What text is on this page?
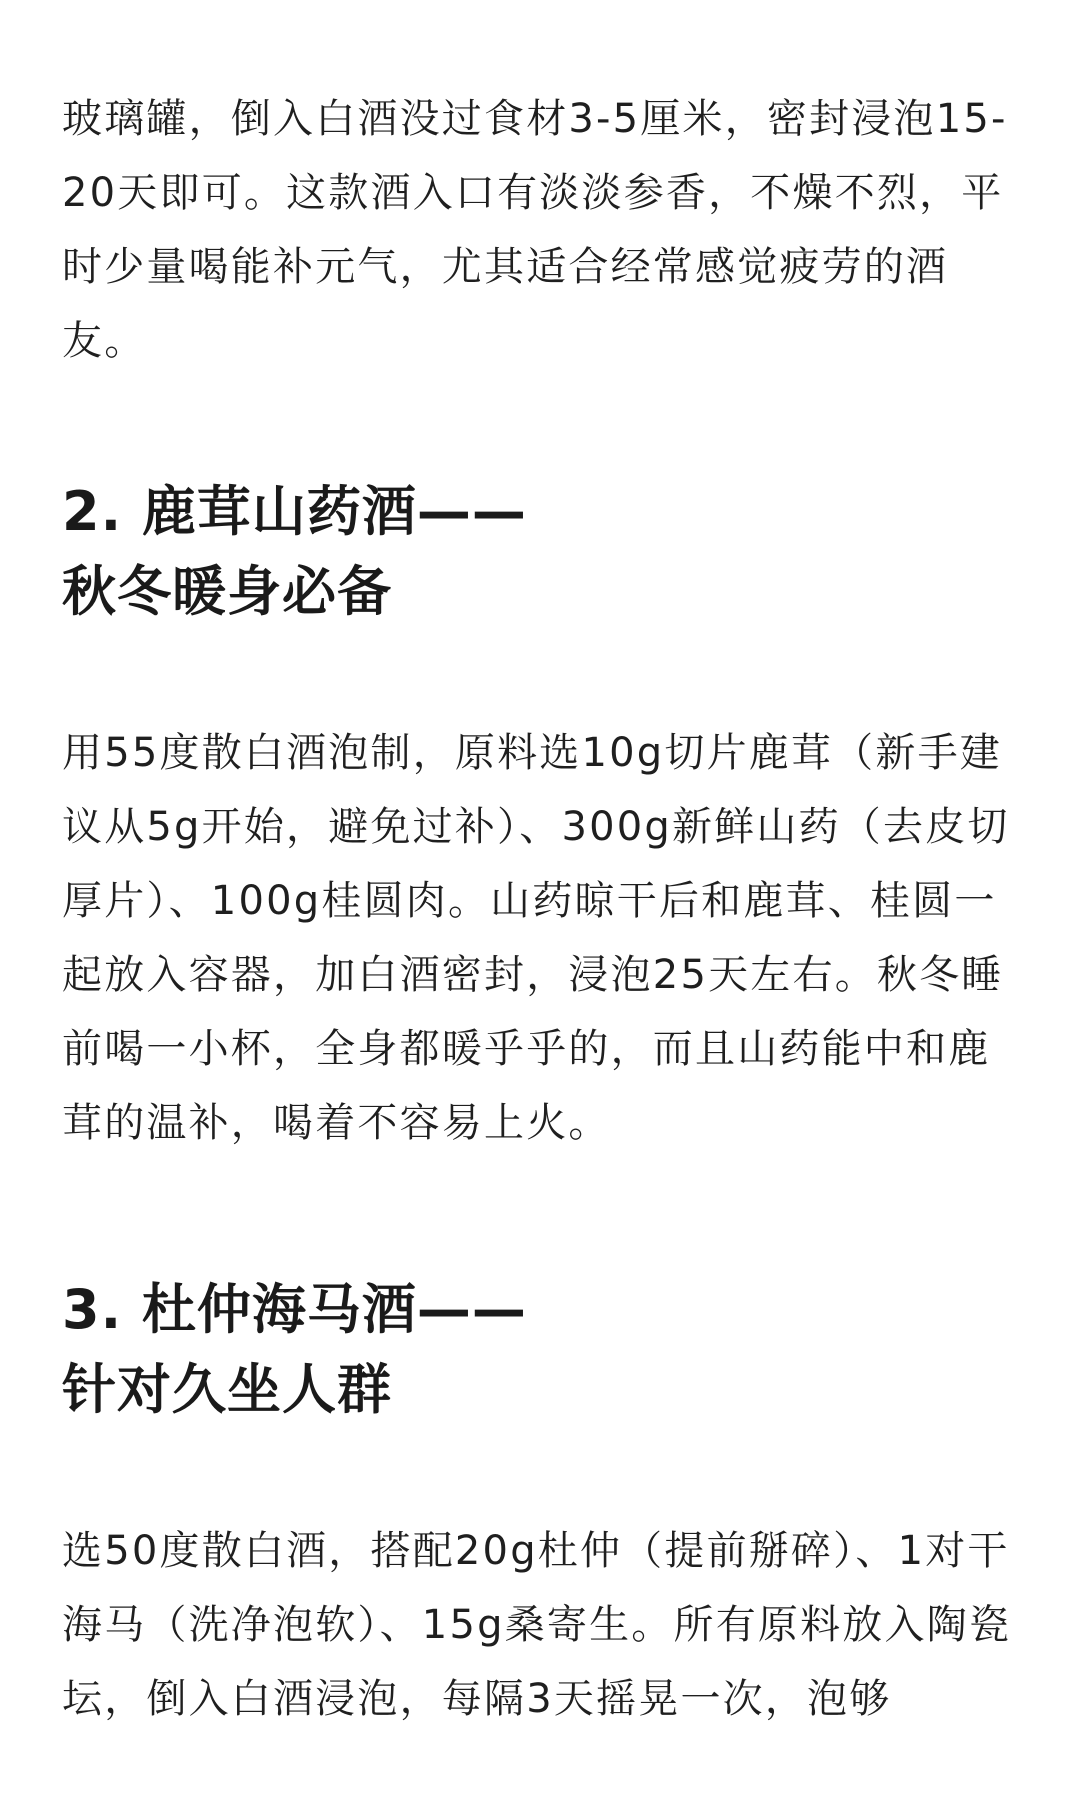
玻璃罐，倒入白酒没过食材3-5厘米，密封浸泡15-20天即可。这款酒入口有淡淡参香，不燥不烈，平时少量喝能补元气，尤其适合经常感觉疲劳的酒友。

2. 鹿茸山药酒——
秋冬暖身必备

用55度散白酒泡制，原料选10g切片鹿茸（新手建议从5g开始，避免过补）、300g新鲜山药（去皮切厚片）、100g桂圆肉。山药晾干后和鹿茸、桂圆一起放入容器，加白酒密封，浸泡25天左右。秋冬睡前喝一小杯，全身都暖乎乎的，而且山药能中和鹿茸的温补，喝着不容易上火。

3. 杜仲海马酒——
针对久坐人群

选50度散白酒，搭配20g杜仲（提前掰碎）、1对干海马（洗净泡软）、15g桑寄生。所有原料放入陶瓷坛，倒入白酒浸泡，每隔3天摇晃一次，泡够
